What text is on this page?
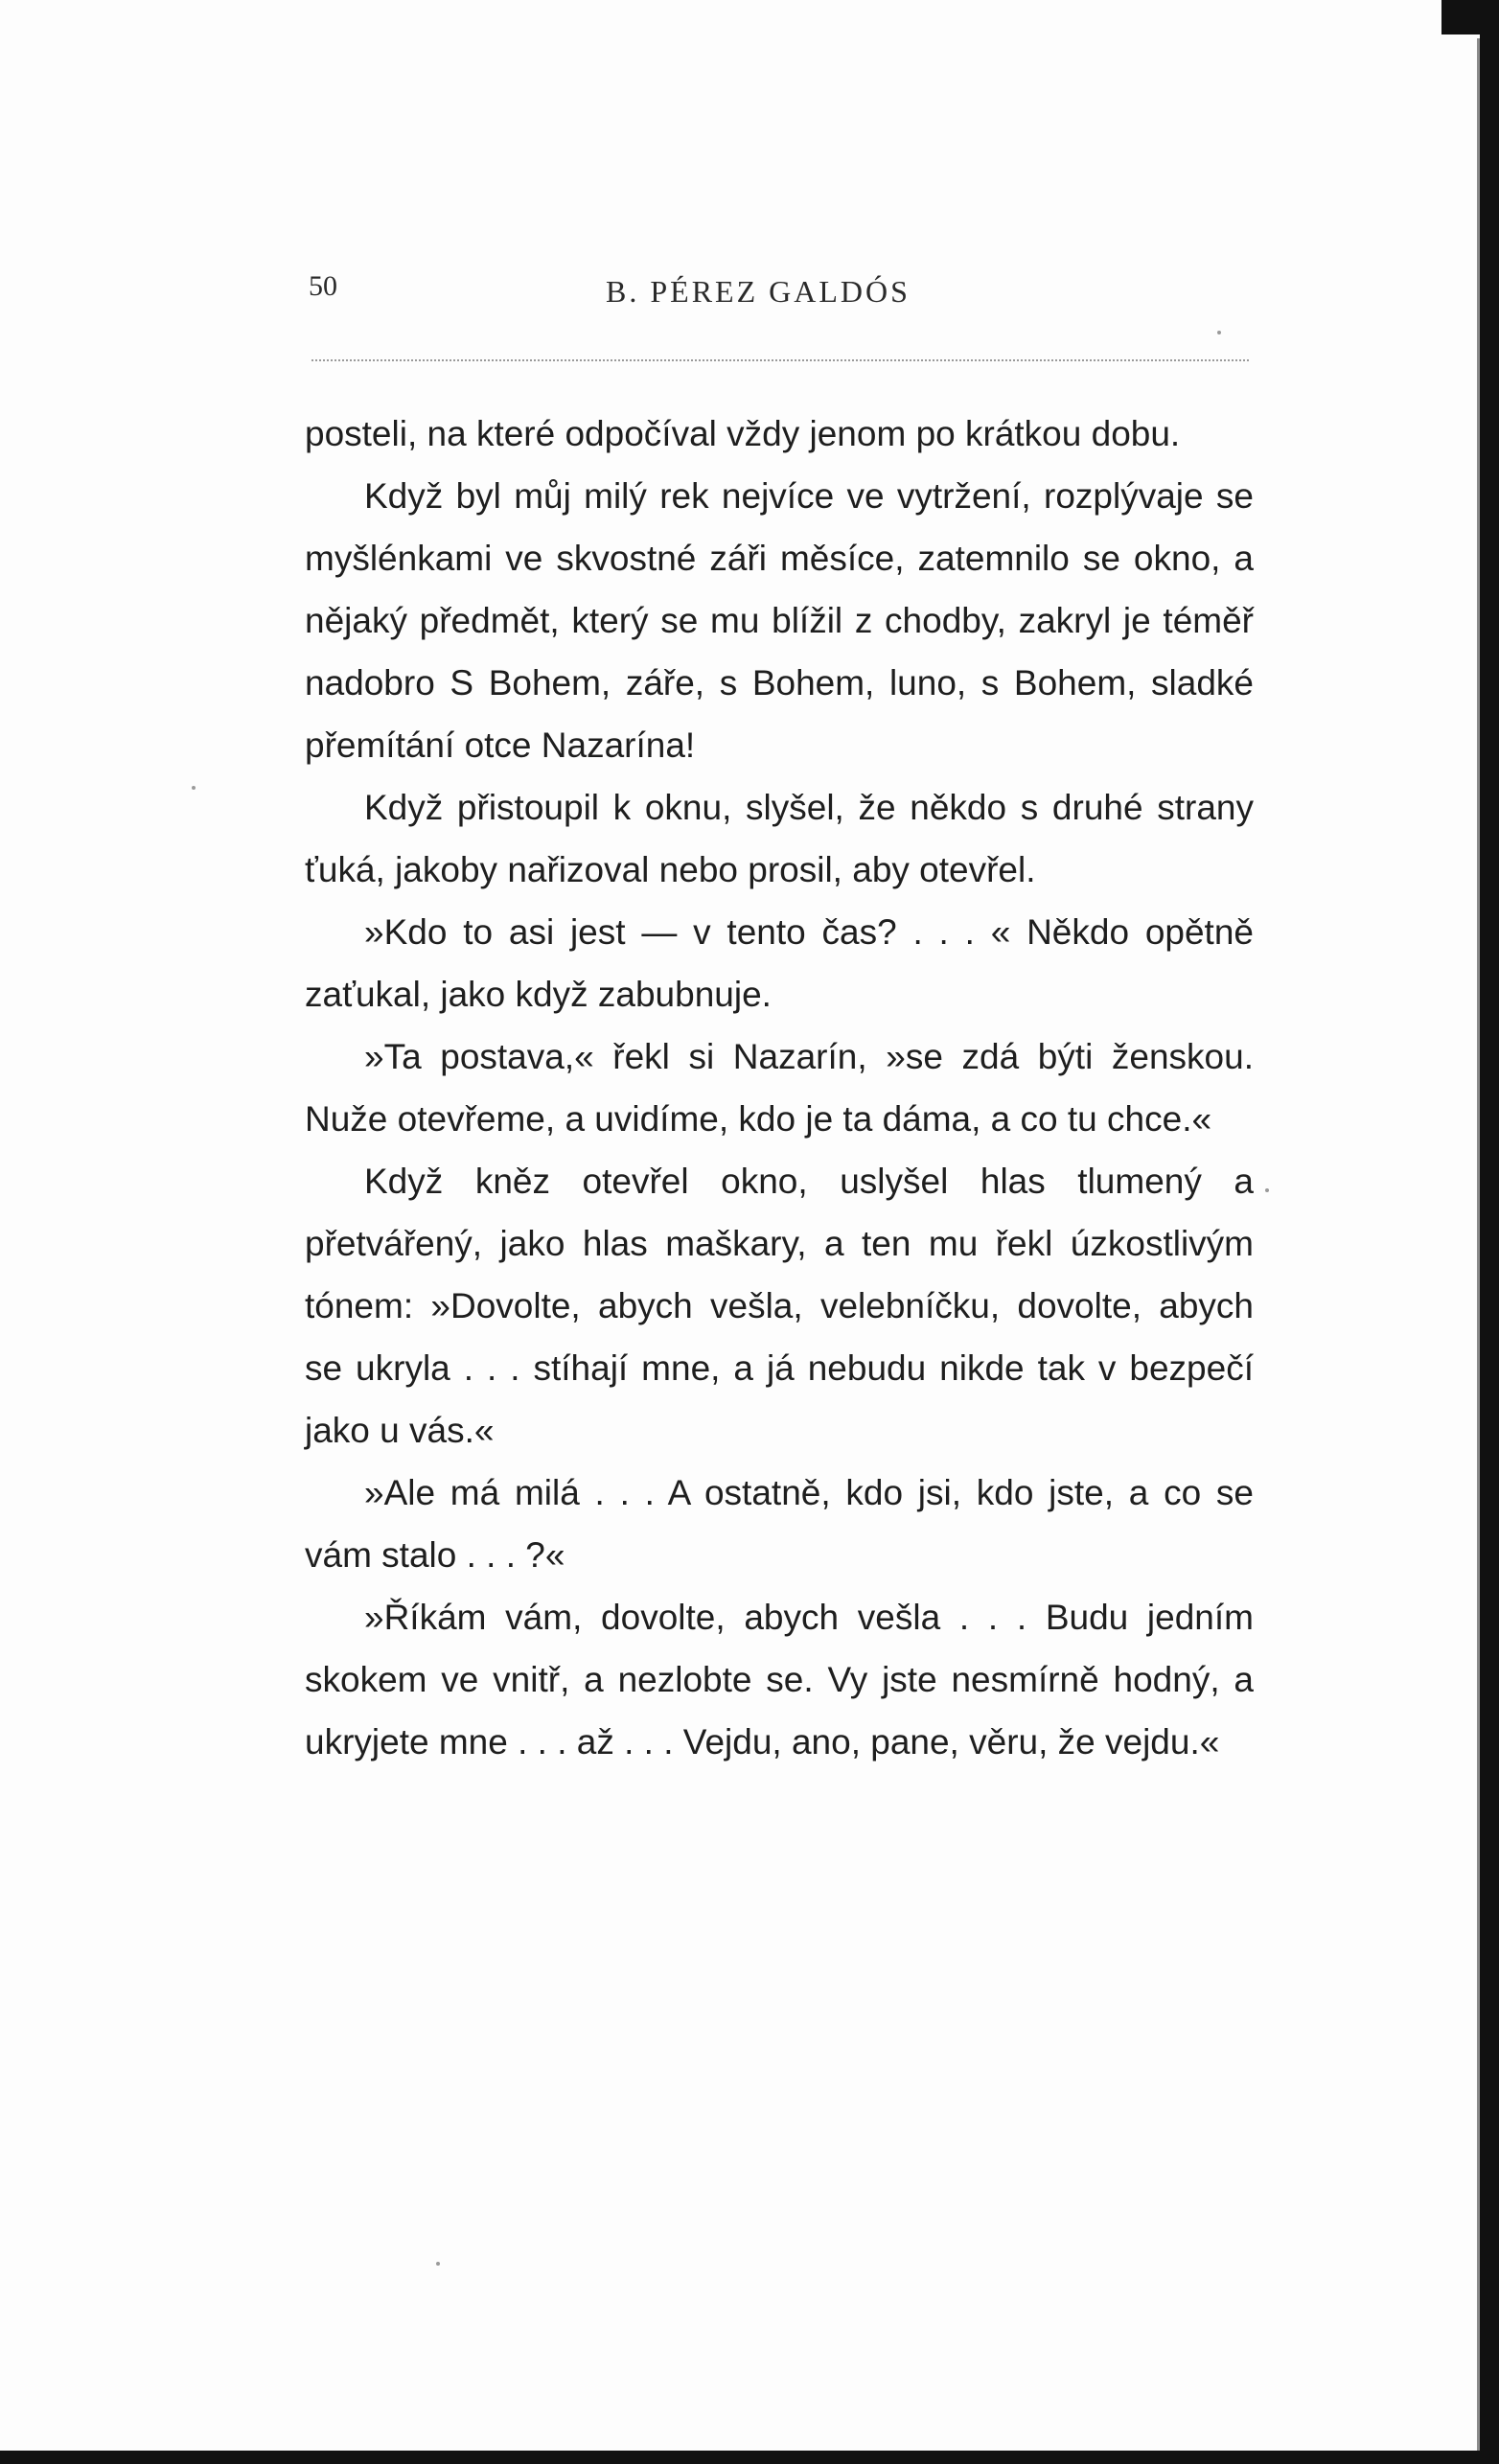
50	B. PÉREZ GALDÓS

posteli, na které odpočíval vždy jenom po krátkou dobu.

Když byl můj milý rek nejvíce ve vytržení, rozplývaje se myšlénkami ve skvostné záři měsíce, zatemnilo se okno, a nějaký předmět, který se mu blížil z chodby, zakryl je téměř nadobro S Bohem, záře, s Bohem, luno, s Bohem, sladké přemítání otce Nazarína!

Když přistoupil k oknu, slyšel, že někdo s druhé strany ťuká, jakoby nařizoval nebo prosil, aby otevřel.

»Kdo to asi jest — v tento čas? . . . « Někdo opětně zaťukal, jako když zabubnuje.

»Ta postava,« řekl si Nazarín, »se zdá býti ženskou. Nuže otevřeme, a uvidíme, kdo je ta dáma, a co tu chce.«

Když kněz otevřel okno, uslyšel hlas tlumený a přetvářený, jako hlas maškary, a ten mu řekl úzkostlivým tónem: »Dovolte, abych vešla, velebníčku, dovolte, abych se ukryla . . . stíhají mne, a já nebudu nikde tak v bezpečí jako u vás.«

»Ale má milá . . . A ostatně, kdo jsi, kdo jste, a co se vám stalo . . . ?«

»Říkám vám, dovolte, abych vešla . . . Budu jedním skokem ve vnitř, a nezlobte se. Vy jste nesmírně hodný, a ukryjete mne . . . až . . . Vejdu, ano, pane, věru, že vejdu.«
